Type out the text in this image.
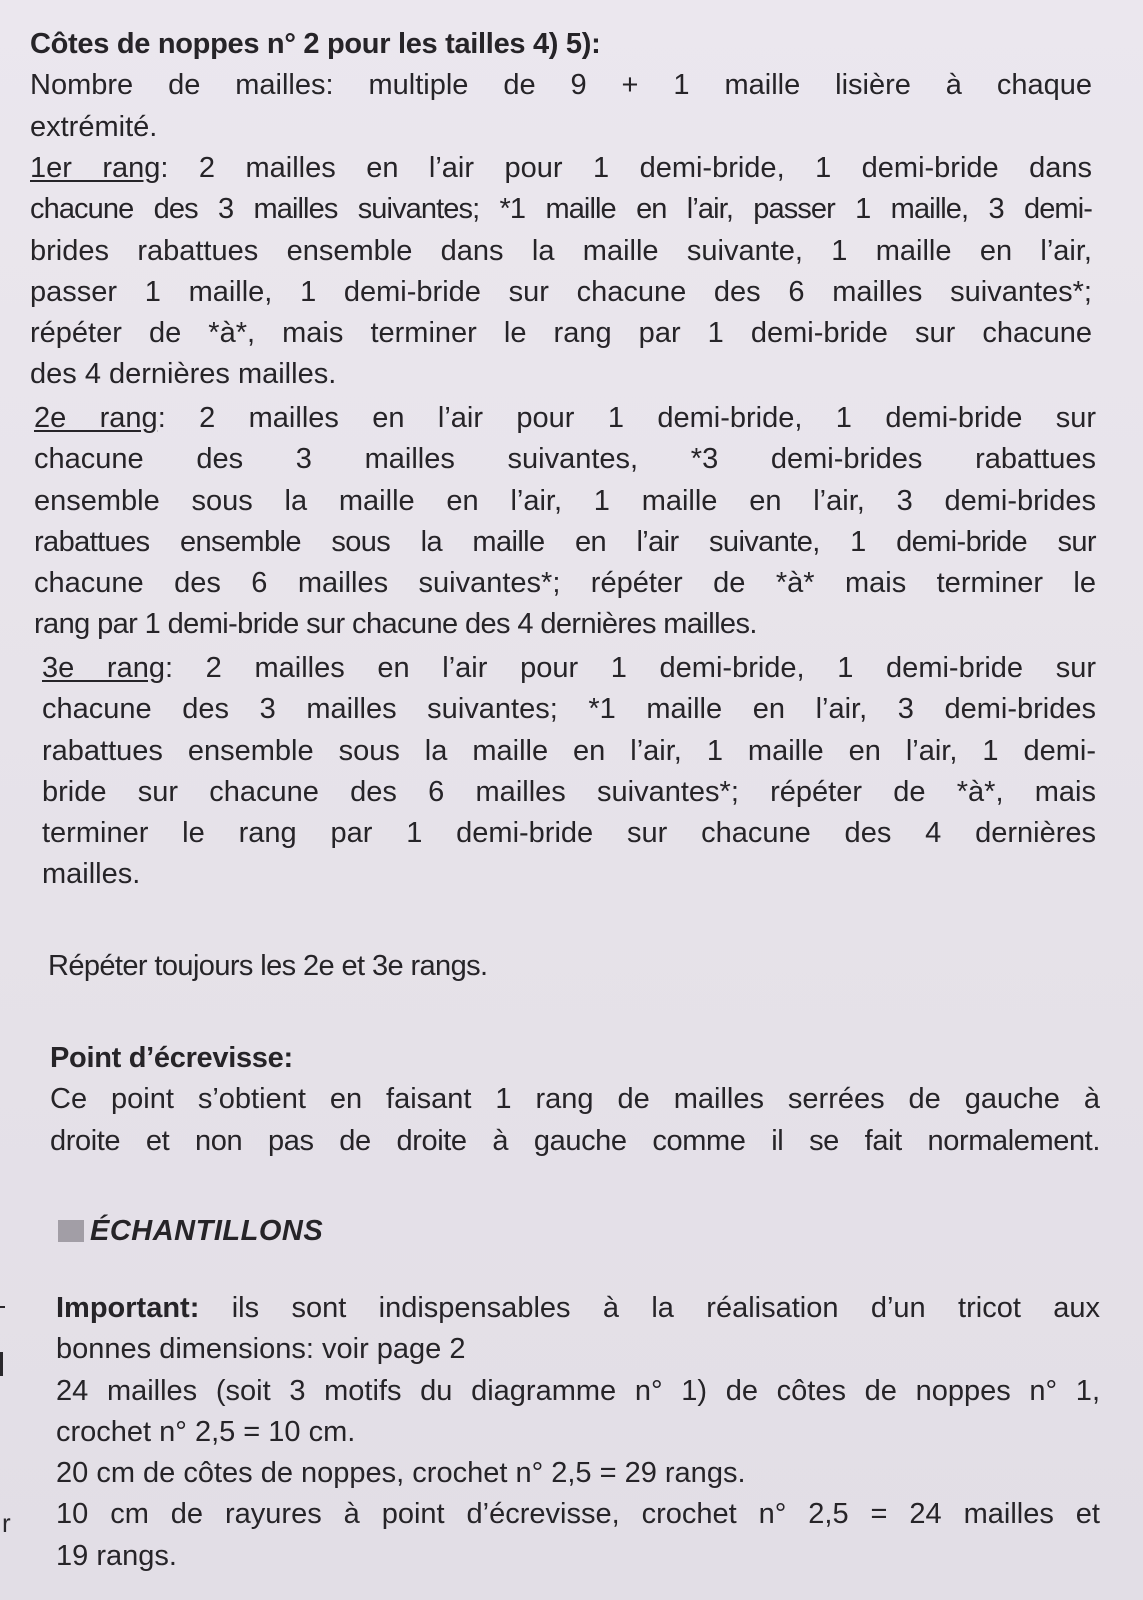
Côtes de noppes n° 2 pour les tailles 4) 5):
Nombre de mailles: multiple de 9 + 1 maille lisière à chaque
extrémité.
1er rang: 2 mailles en l’air pour 1 demi-bride, 1 demi-bride dans
chacune des 3 mailles suivantes; *1 maille en l’air, passer 1 maille, 3 demi-
brides rabattues ensemble dans la maille suivante, 1 maille en l’air,
passer 1 maille, 1 demi-bride sur chacune des 6 mailles suivantes*;
répéter de *à*, mais terminer le rang par 1 demi-bride sur chacune
des 4 dernières mailles.
2e rang: 2 mailles en l’air pour 1 demi-bride, 1 demi-bride sur
chacune des 3 mailles suivantes, *3 demi-brides rabattues
ensemble sous la maille en l’air, 1 maille en l’air, 3 demi-brides
rabattues ensemble sous la maille en l’air suivante, 1 demi-bride sur
chacune des 6 mailles suivantes*; répéter de *à* mais terminer le
rang par 1 demi-bride sur chacune des 4 dernières mailles.
3e rang: 2 mailles en l’air pour 1 demi-bride, 1 demi-bride sur
chacune des 3 mailles suivantes; *1 maille en l’air, 3 demi-brides
rabattues ensemble sous la maille en l’air, 1 maille en l’air, 1 demi-
bride sur chacune des 6 mailles suivantes*; répéter de *à*, mais
terminer le rang par 1 demi-bride sur chacune des 4 dernières
mailles.
Répéter toujours les 2e et 3e rangs.
Point d’écrevisse:
Ce point s’obtient en faisant 1 rang de mailles serrées de gauche à
droite et non pas de droite à gauche comme il se fait normalement.
ÉCHANTILLONS
Important: ils sont indispensables à la réalisation d’un tricot aux
bonnes dimensions: voir page 2
24 mailles (soit 3 motifs du diagramme n° 1) de côtes de noppes n° 1,
crochet n° 2,5 = 10 cm.
20 cm de côtes de noppes, crochet n° 2,5 = 29 rangs.
10 cm de rayures à point d’écrevisse, crochet n° 2,5 = 24 mailles et
19 rangs.
r
